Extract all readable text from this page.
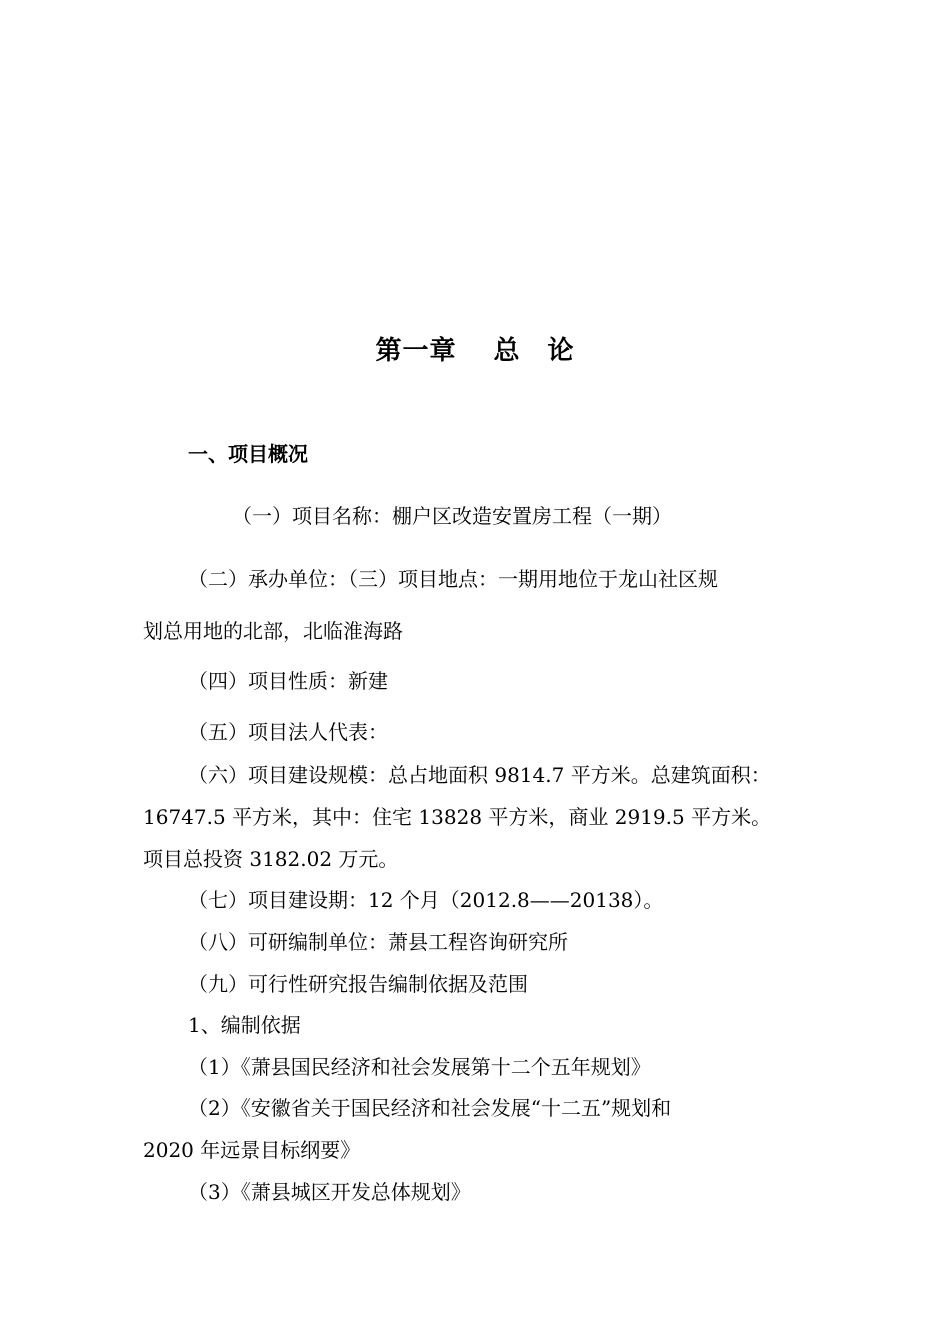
第一章　 总　论
一、项目概况
（一）项目名称：棚户区改造安置房工程（一期）
（二）承办单位：（三）项目地点：一期用地位于龙山社区规
划总用地的北部，北临淮海路
（四）项目性质：新建
（五）项目法人代表：
（六）项目建设规模：总占地面积 9814.7 平方米。总建筑面积：
16747.5 平方米，其中：住宅 13828 平方米，商业 2919.5 平方米。
项目总投资 3182.02 万元。
（七）项目建设期：12 个月（2012.8——20138）。
（八）可研编制单位：萧县工程咨询研究所
（九）可行性研究报告编制依据及范围
1、编制依据
（1）《萧县国民经济和社会发展第十二个五年规划》
（2）《安徽省关于国民经济和社会发展“十二五”规划和
2020 年远景目标纲要》
（3）《萧县城区开发总体规划》
